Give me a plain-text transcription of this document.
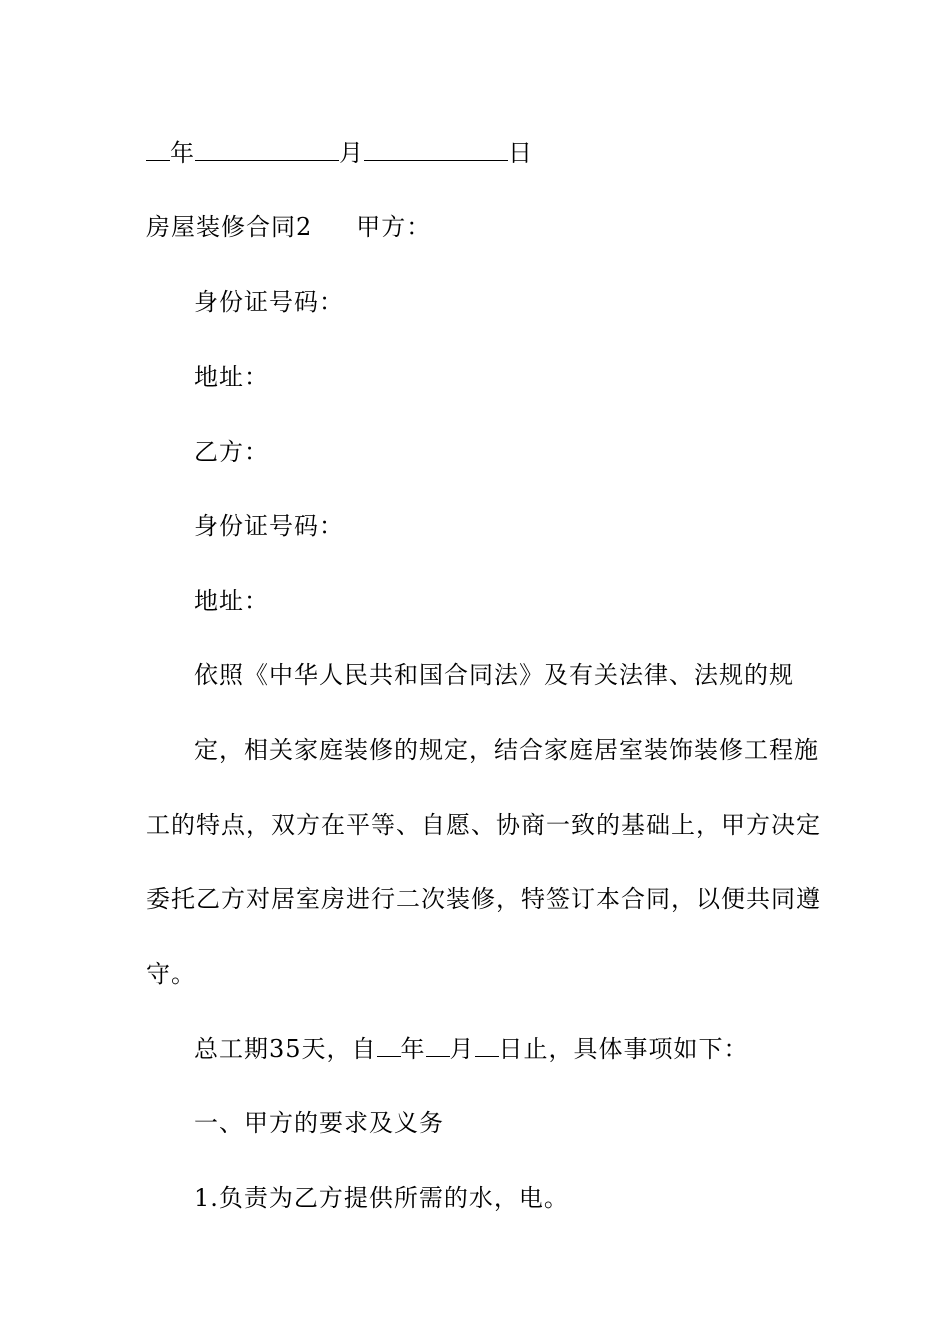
年	月	日
房屋装修合同2 甲方：
身份证号码：
地址：
乙方：
身份证号码：
地址：
依照《中华人民共和国合同法》及有关法律、法规的规
定，相关家庭装修的规定，结合家庭居室装饰装修工程施
工的特点，双方在平等、自愿、协商一致的基础上，甲方决定
委托乙方对居室房进行二次装修，特签订本合同，以便共同遵
守。
总工期35天，自 年 月 日止，具体事项如下：
一、甲方的要求及义务
1.负责为乙方提供所需的水，电。
